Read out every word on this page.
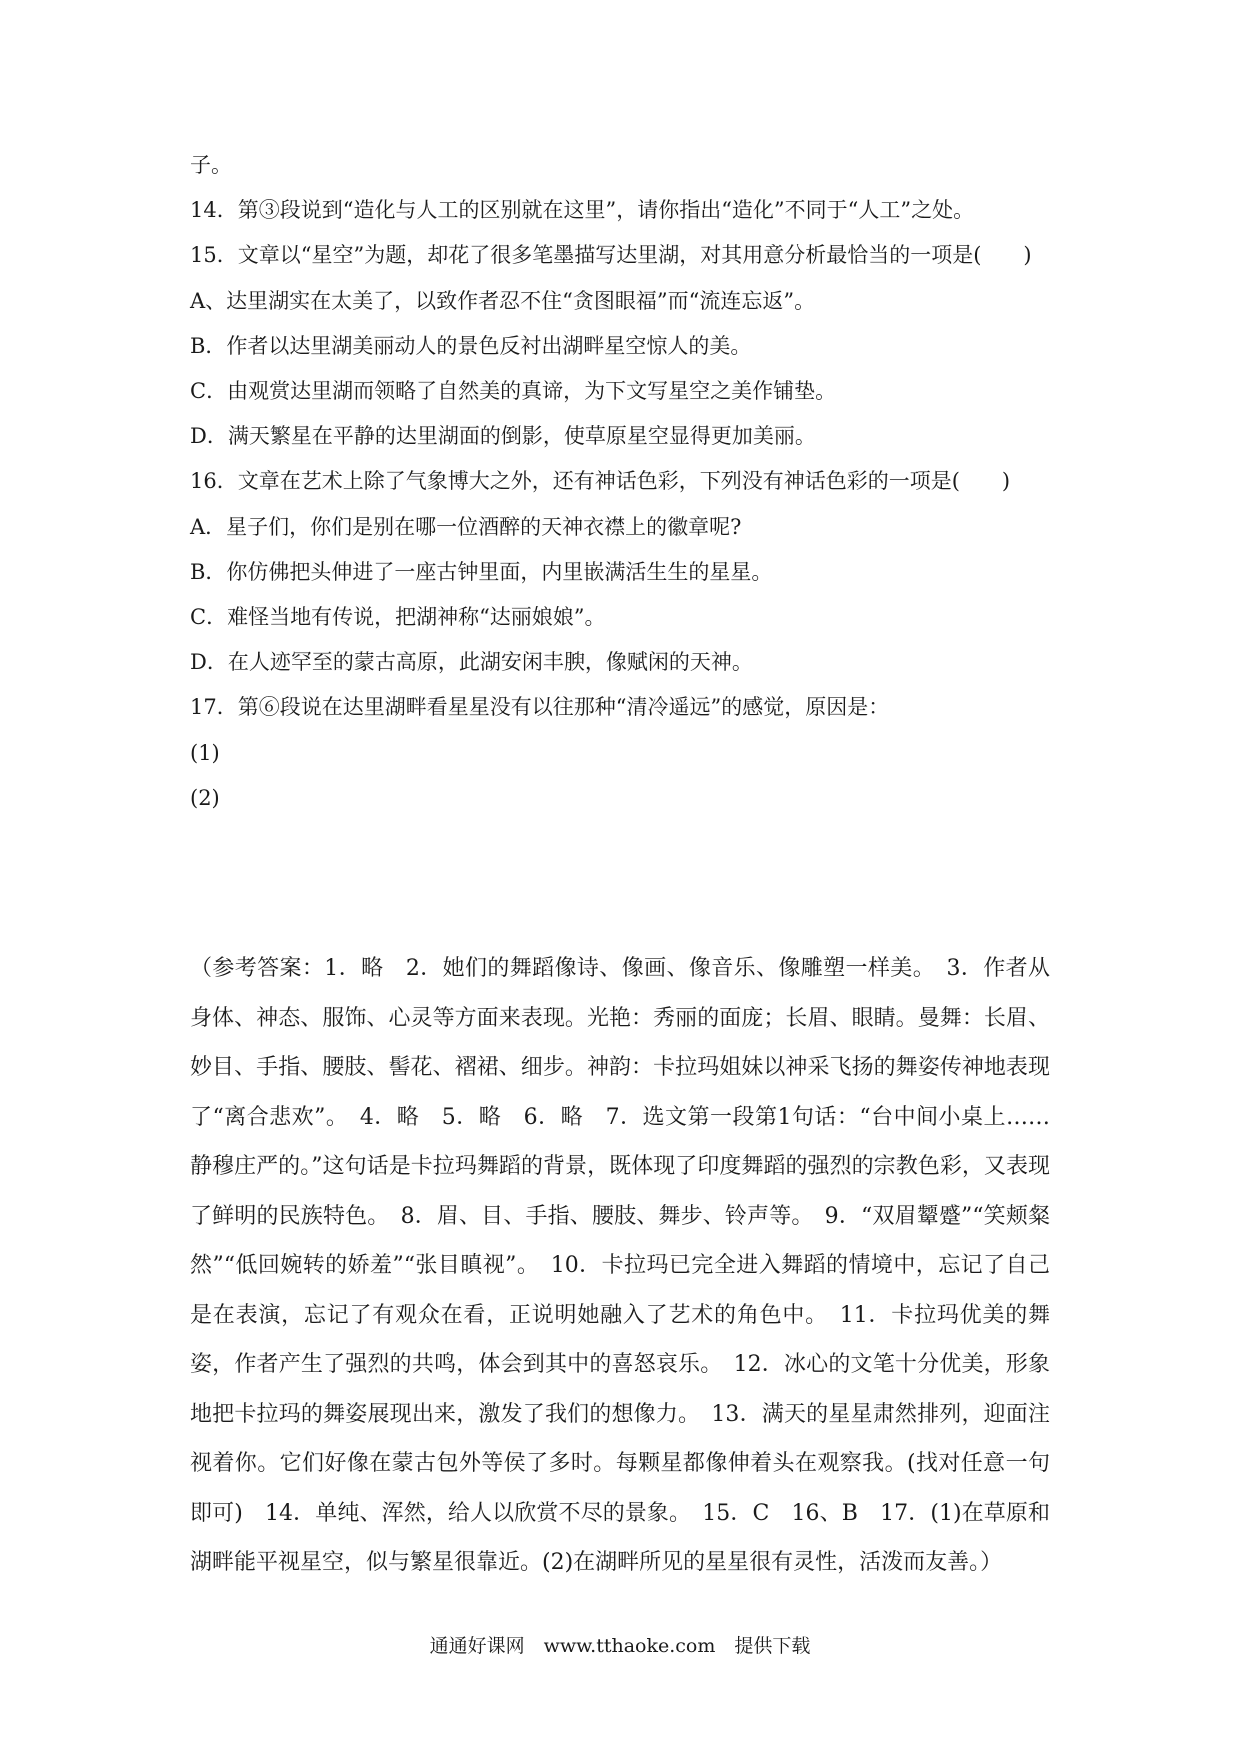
子。
14．第③段说到“造化与人工的区别就在这里”，请你指出“造化”不同于“人工”之处。
15．文章以“星空”为题，却花了很多笔墨描写达里湖，对其用意分析最恰当的一项是(　　)
A、达里湖实在太美了，以致作者忍不住“贪图眼福”而“流连忘返”。
B．作者以达里湖美丽动人的景色反衬出湖畔星空惊人的美。
C．由观赏达里湖而领略了自然美的真谛，为下文写星空之美作铺垫。
D．满天繁星在平静的达里湖面的倒影，使草原星空显得更加美丽。
16．文章在艺术上除了气象博大之外，还有神话色彩，下列没有神话色彩的一项是(　　)
A．星子们，你们是别在哪一位酒醉的天神衣襟上的徽章呢?
B．你仿佛把头伸进了一座古钟里面，内里嵌满活生生的星星。
C．难怪当地有传说，把湖神称“达丽娘娘”。
D．在人迹罕至的蒙古高原，此湖安闲丰腴，像赋闲的天神。
17．第⑥段说在达里湖畔看星星没有以往那种“清冷遥远”的感觉，原因是：
(1)
(2)
（参考答案：1．略　2．她们的舞蹈像诗、像画、像音乐、像雕塑一样美。　3．作者从身体、神态、服饰、心灵等方面来表现。光艳：秀丽的面庞；长眉、眼睛。曼舞：长眉、妙目、手指、腰肢、髻花、褶裙、细步。神韵：卡拉玛姐妹以神采飞扬的舞姿传神地表现了“离合悲欢”。　4．略　5．略　6．略　7．选文第一段第1句话：“台中间小桌上……静穆庄严的。”这句话是卡拉玛舞蹈的背景，既体现了印度舞蹈的强烈的宗教色彩，又表现了鲜明的民族特色。　8．眉、目、手指、腰肢、舞步、铃声等。　9．“双眉颦蹙”“笑颊粲然”“低回婉转的娇羞”“张目瞋视”。　10．卡拉玛已完全进入舞蹈的情境中，忘记了自己是在表演，忘记了有观众在看，正说明她融入了艺术的角色中。　11．卡拉玛优美的舞姿，作者产生了强烈的共鸣，体会到其中的喜怒哀乐。　12．冰心的文笔十分优美，形象地把卡拉玛的舞姿展现出来，激发了我们的想像力。　13．满天的星星肃然排列，迎面注视着你。它们好像在蒙古包外等侯了多时。每颗星都像伸着头在观察我。(找对任意一句即可)　14．单纯、浑然，给人以欣赏不尽的景象。　15．C　16、B　17．(1)在草原和湖畔能平视星空，似与繁星很靠近。(2)在湖畔所见的星星很有灵性，活泼而友善。）
通通好课网　www.tthaoke.com　提供下载
